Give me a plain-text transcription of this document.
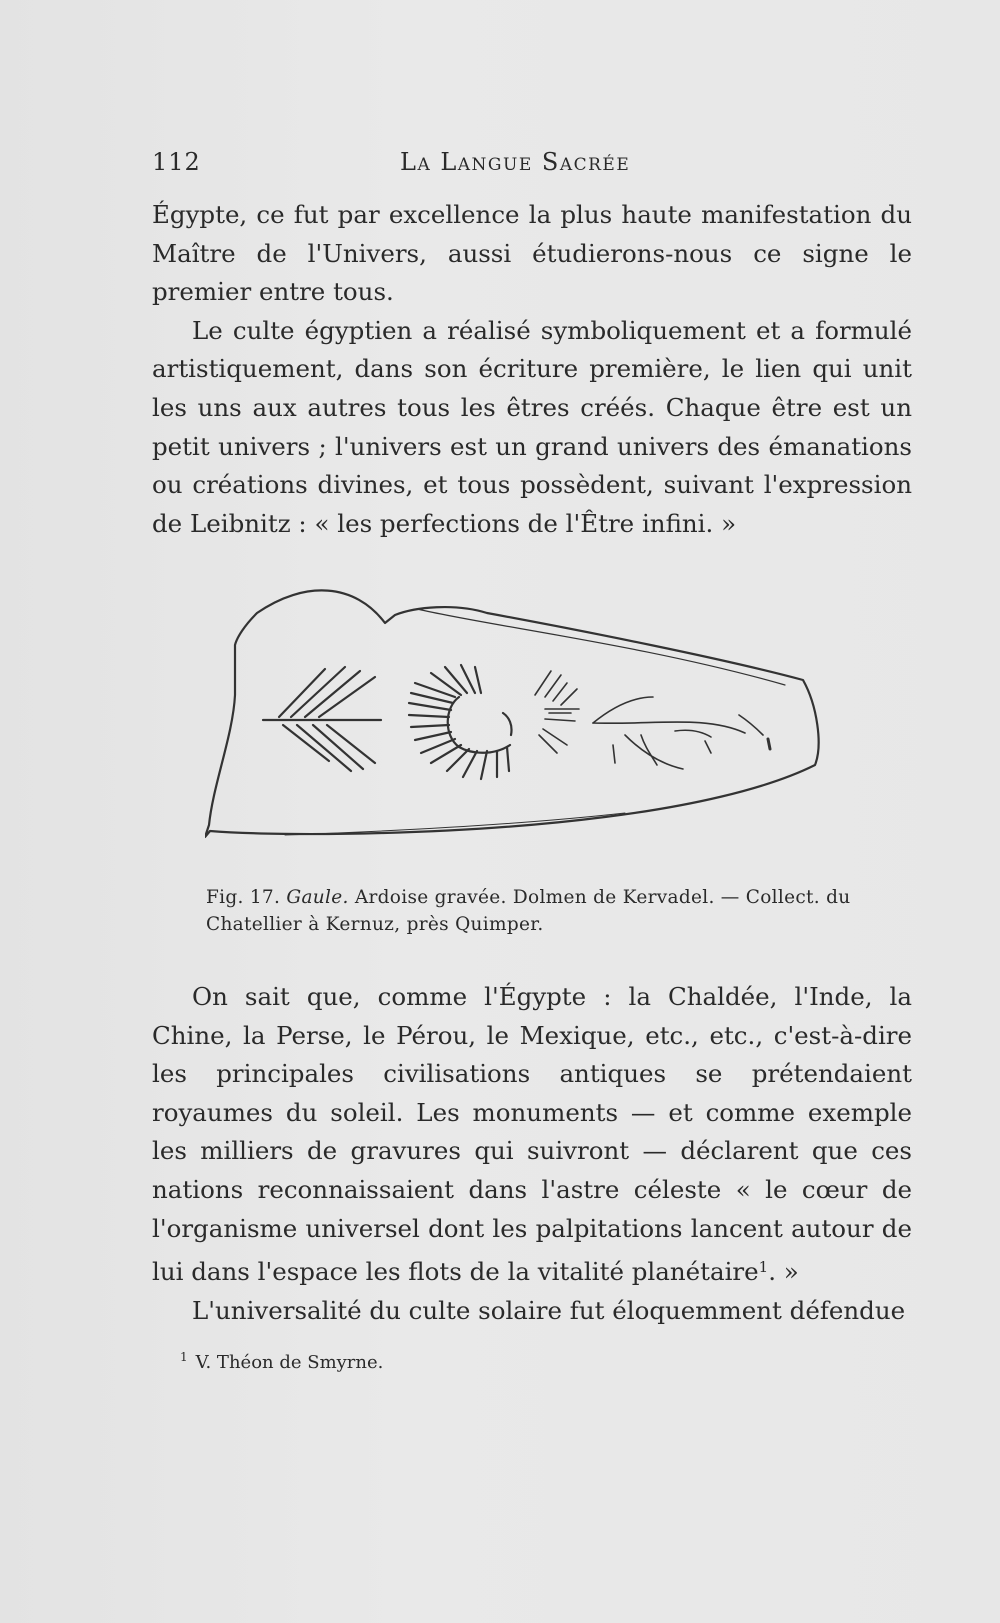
112	La Langue Sacrée

Égypte, ce fut par excellence la plus haute manifestation du Maître de l'Univers, aussi étudierons-nous ce signe le premier entre tous.

Le culte égyptien a réalisé symboliquement et a formulé artistiquement, dans son écriture première, le lien qui unit les uns aux autres tous les êtres créés. Chaque être est un petit univers ; l'univers est un grand univers des émanations ou créations divines, et tous possèdent, suivant l'expression de Leibnitz : « les perfections de l'Être infini. »

Fig. 17. Gaule. Ardoise gravée. Dolmen de Kervadel. — Collect. du Chatellier à Kernuz, près Quimper.

On sait que, comme l'Égypte : la Chaldée, l'Inde, la Chine, la Perse, le Pérou, le Mexique, etc., etc., c'est-à-dire les principales civilisations antiques se prétendaient royaumes du soleil. Les monuments — et comme exemple les milliers de gravures qui suivront — déclarent que ces nations reconnaissaient dans l'astre céleste « le cœur de l'organisme universel dont les palpitations lancent autour de lui dans l'espace les flots de la vitalité planétaire$^1$. »

L'universalité du culte solaire fut éloquemment défendue

$^1$ V. Théon de Smyrne.
